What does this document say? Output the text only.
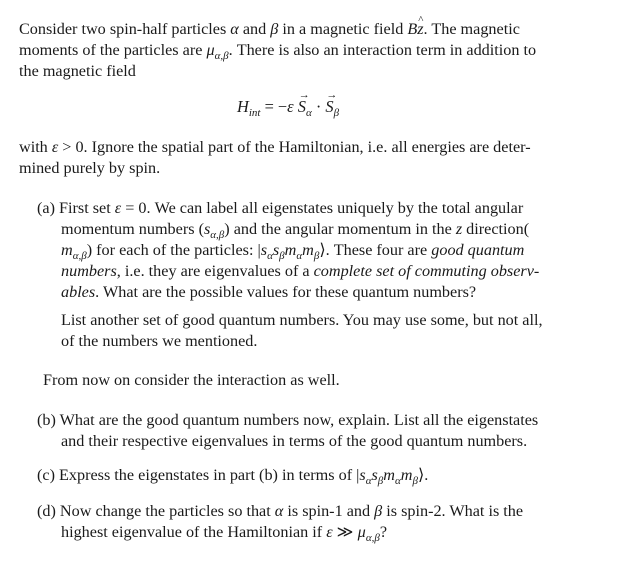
Consider two spin-half particles α and β in a magnetic field B^ z. The magnetic
moments of the particles are $\mu_{\alpha,\beta}$. There is also an interaction term in addition to
the magnetic field
$H_{int} = -\varepsilon \to S_\alpha$ · → $S_\beta$
with ε > 0. Ignore the spatial part of the Hamiltonian, i.e. all energies are deter-
mined purely by spin.
(a) First set ε = 0. We can label all eigenstates uniquely by the total angular
momentum numbers $(s_{\alpha,\beta})$ and the angular momentum in the z direction(
$m_{\alpha,\beta}$) for each of the particles: $|s_\alpha s_\beta m_\alpha m_\beta⟩$. These four are good quantum
numbers, i.e. they are eigenvalues of a complete set of commuting observ-
ables. What are the possible values for these quantum numbers?
List another set of good quantum numbers. You may use some, but not all,
of the numbers we mentioned.
From now on consider the interaction as well.
(b) What are the good quantum numbers now, explain. List all the eigenstates
and their respective eigenvalues in terms of the good quantum numbers.
(c) Express the eigenstates in part (b) in terms of $|s_\alpha s_\beta m_\alpha m_\beta⟩$.
(d) Now change the particles so that α is spin-1 and β is spin-2. What is the
highest eigenvalue of the Hamiltonian if ε ≫ $\mu_{\alpha,\beta}$?
